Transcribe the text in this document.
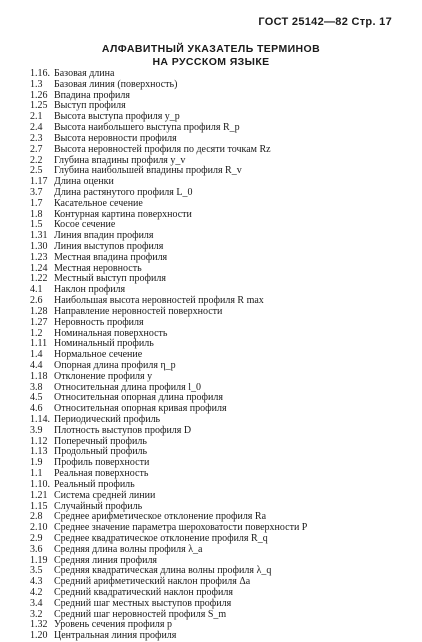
ГОСТ 25142—82 Стр. 17
АЛФАВИТНЫЙ УКАЗАТЕЛЬ ТЕРМИНОВ
НА РУССКОМ ЯЗЫКЕ
1.16. Базовая длина
1.3	Базовая линия (поверхность)
1.26 Впадина профиля
1.25 Выступ профиля
2.1	Высота выступа профиля y_p
2.4	Высота наибольшего выступа профиля R_p
2.3	Высота неровности профиля
2.7	Высота неровностей профиля по десяти точкам Rz
2.2	Глубина впадины профиля y_v
2.5	Глубина наибольшей впадины профиля R_v
1.17 Длина оценки
3.7	Длина растянутого профиля L_0
1.7	Касательное сечение
1.8	Контурная картина поверхности
1.5	Косое сечение
1.31 Линия впадин профиля
1.30 Линия выступов профиля
1.23 Местная впадина профиля
1.24 Местная неровность
1.22 Местный выступ профиля
4.1	Наклон профиля
2.6	Наибольшая высота неровностей профиля R max
1.28 Направление неровностей поверхности
1.27 Неровность профиля
1.2	Номинальная поверхность
1.11 Номинальный профиль
1.4	Нормальное сечение
4.4	Опорная длина профиля η_p
1.18 Отклонение профиля y
3.8	Относительная длина профиля l_0
4.5	Относительная опорная длина профиля
4.6	Относительная опорная кривая профиля
1.14. Периодический профиль
3.9	Плотность выступов профиля D
1.12 Поперечный профиль
1.13 Продольный профиль
1.9	Профиль поверхности
1.1	Реальная поверхность
1.10. Реальный профиль
1.21 Система средней линии
1.15 Случайный профиль
2.8	Среднее арифметическое отклонение профиля Ra
2.10 Среднее значение параметра шероховатости поверхности P
2.9	Среднее квадратическое отклонение профиля R_q
3.6	Средняя длина волны профиля λ_a
1.19 Средняя линия профиля
3.5	Средняя квадратическая длина волны профиля λ_q
4.3	Средний арифметический наклон профиля Δa
4.2	Средний квадратический наклон профиля
3.4	Средний шаг местных выступов профиля
3.2	Средний шаг неровностей профиля S_m
1.32 Уровень сечения профиля p
1.20 Центральная линия профиля
